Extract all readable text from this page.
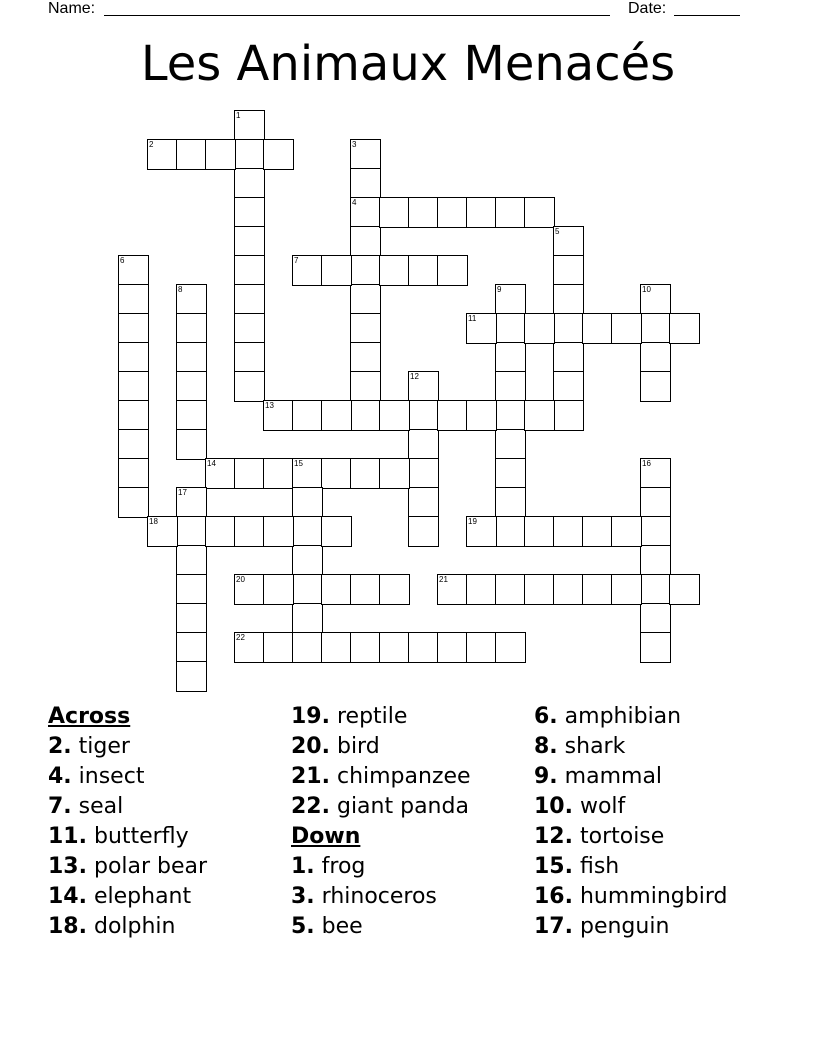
Name:	Date:
Les Animaux Menacés
1
2	3
4
5
6	7
8	9	10
11
12
13
14	15	16
17
18	19
20	21
22
Across
2. tiger
4. insect
7. seal
11. butterfly
13. polar bear
14. elephant
18. dolphin
19. reptile
20. bird
21. chimpanzee
22. giant panda
Down
1. frog
3. rhinoceros
5. bee
6. amphibian
8. shark
9. mammal
10. wolf
12. tortoise
15. fish
16. hummingbird
17. penguin
